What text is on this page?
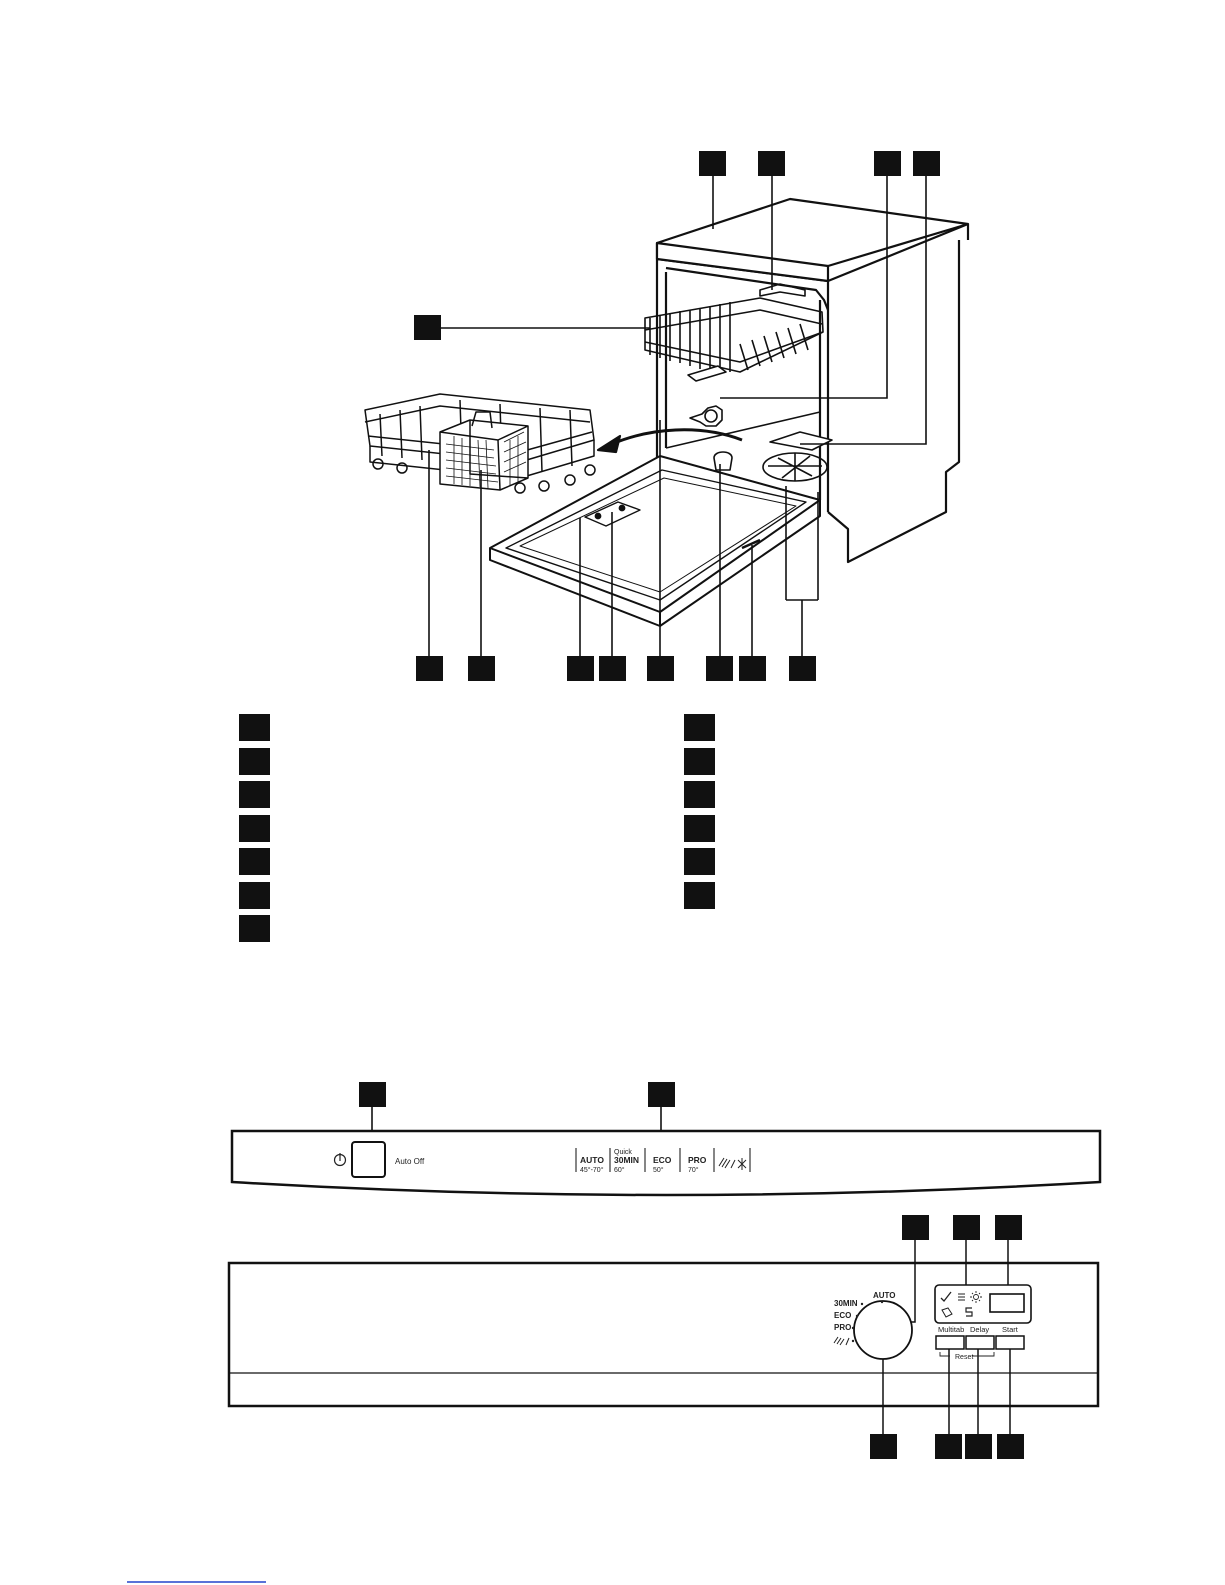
Auto Off	AUTO
45°-70°
Quick
30MIN
60°
ECO
50°
PRO
70°
AUTO
30MIN
ECO
PRO	Multitab Delay Start
Reset
